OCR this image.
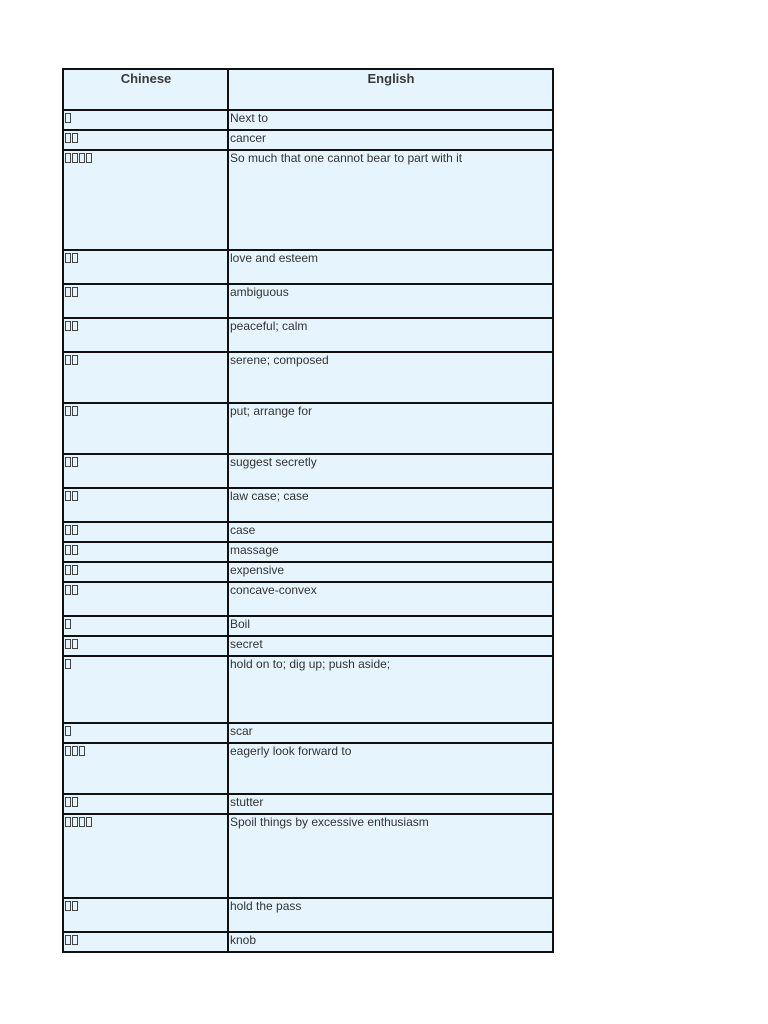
Chinese	English
	Next to
	cancer
	So much that one cannot bear to part with it
	love and esteem
	ambiguous
	peaceful; calm
	serene; composed
	put; arrange for
	suggest secretly
	law case; case
	case
	massage
	expensive
	concave-convex
	Boil
	secret
	hold on to; dig up; push aside;
	scar
	eagerly look forward to
	stutter
	Spoil things by excessive enthusiasm
	hold the pass
	knob
